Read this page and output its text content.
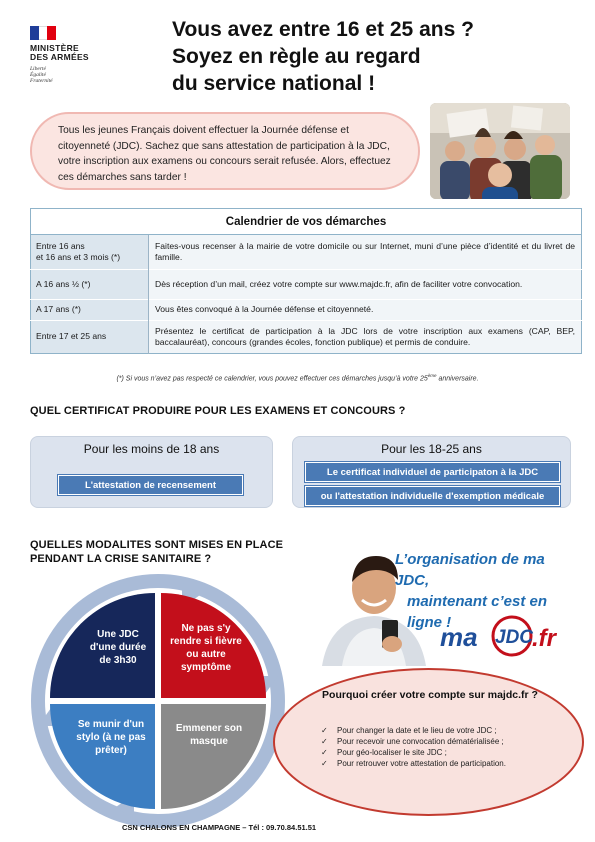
MINISTÈRE
DES ARMÉES
Liberté
Égalité
Fraternité
Vous avez entre 16 et 25 ans ?
Soyez en règle au regard
du service national !
Tous les jeunes Français doivent effectuer la Journée défense et citoyenneté (JDC). Sachez que sans attestation de participation à la JDC, votre inscription aux examens ou concours serait refusée. Alors, effectuez ces démarches sans tarder !
Calendrier de vos démarches	
Entre 16 ans
et 16 ans et 3 mois (*)	Faites-vous recenser à la mairie de votre domicile ou sur Internet, muni d’une pièce d’identité et du livret de famille.
A 16 ans ½ (*)	Dès réception d’un mail, créez votre compte sur www.majdc.fr, afin de faciliter votre convocation.
A 17 ans (*)	Vous êtes convoqué à la Journée défense et citoyenneté.
Entre 17 et 25 ans	Présentez le certificat de participation à la JDC lors de votre inscription aux examens (CAP, BEP, baccalauréat), concours (grandes écoles, fonction publique) et permis de conduire.
(*) Si vous n’avez pas respecté ce calendrier, vous pouvez effectuer ces démarches jusqu’à votre 25ème anniversaire.
QUEL CERTIFICAT PRODUIRE POUR LES EXAMENS ET CONCOURS ?
Pour les moins de 18 ans
L'attestation de recensement
Pour les 18-25 ans
Le certificat individuel de participaton à la JDC
ou l'attestation individuelle d'exemption médicale
QUELLES MODALITES SONT MISES EN PLACE
PENDANT LA CRISE SANITAIRE ?
Une JDC d'une durée de 3h30
Ne pas s'y rendre si fièvre ou autre symptôme
Se munir d'un stylo (à ne pas prêter)
Emmener son masque
L’organisation de ma JDC,
maintenant c’est en ligne !
ma JDC
.fr
Pourquoi créer votre compte sur majdc.fr ?
✓ Pour changer la date et le lieu de votre JDC ;
✓ Pour recevoir une convocation dématérialisée ;
✓ Pour géo-localiser le site JDC ;
✓ Pour retrouver votre attestation de participation.
CSN CHALONS EN CHAMPAGNE – Tél : 09.70.84.51.51
